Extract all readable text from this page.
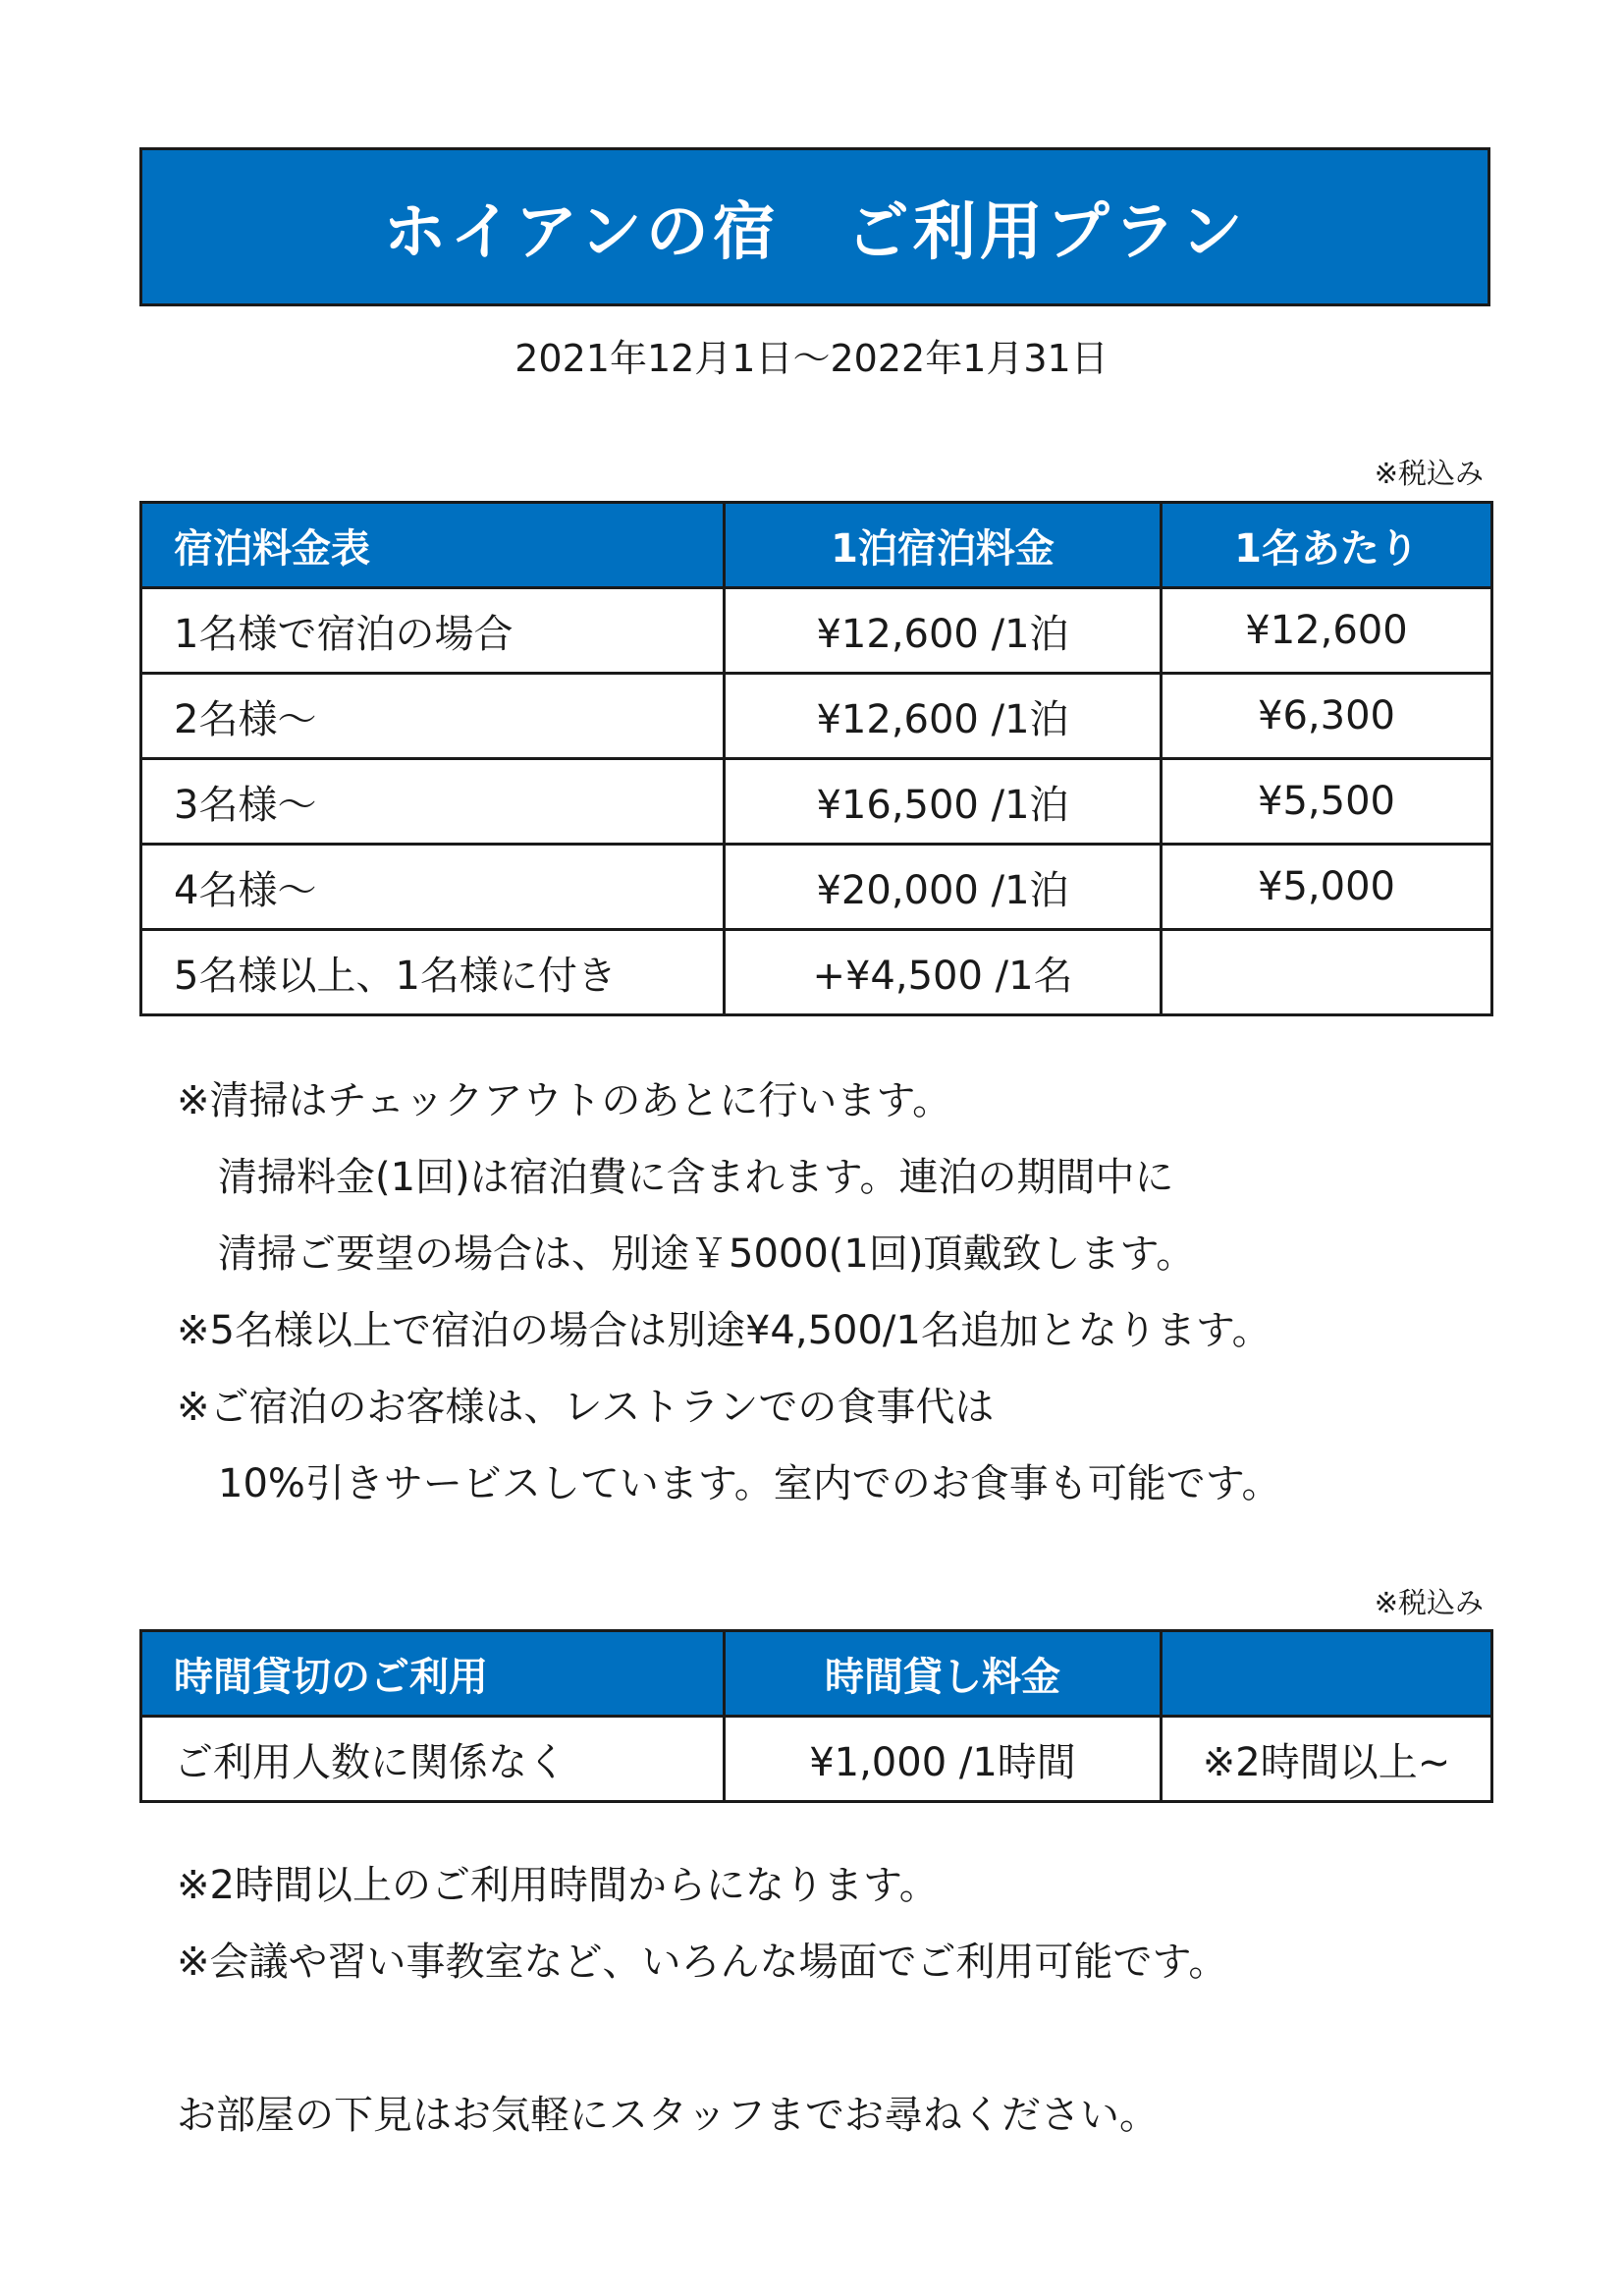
ホイアンの宿　ご利用プラン
2021年12月1日～2022年1月31日
※税込み
宿泊料金表	1泊宿泊料金	1名あたり
1名様で宿泊の場合	¥12,600 /1泊	¥12,600
2名様～	¥12,600 /1泊	¥6,300
3名様～	¥16,500 /1泊	¥5,500
4名様～	¥20,000 /1泊	¥5,000
5名様以上、1名様に付き	+¥4,500 /1名	
※清掃はチェックアウトのあとに行います。
清掃料金(1回)は宿泊費に含まれます。連泊の期間中に
清掃ご要望の場合は、別途￥5000(1回)頂戴致します。
※5名様以上で宿泊の場合は別途¥4,500/1名追加となります。
※ご宿泊のお客様は、レストランでの食事代は
10%引きサービスしています。室内でのお食事も可能です。
※税込み
時間貸切のご利用	時間貸し料金	
ご利用人数に関係なく	¥1,000 /1時間	※2時間以上~
※2時間以上のご利用時間からになります。
※会議や習い事教室など、いろんな場面でご利用可能です。
お部屋の下見はお気軽にスタッフまでお尋ねください。
